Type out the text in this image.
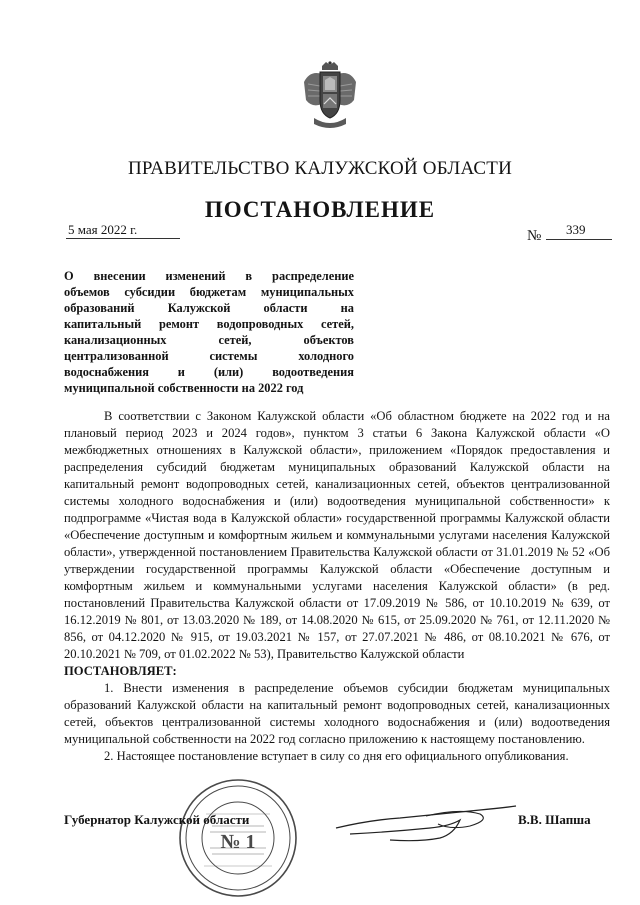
ПРАВИТЕЛЬСТВО КАЛУЖСКОЙ ОБЛАСТИ
ПОСТАНОВЛЕНИЕ
5 мая 2022 г.	№ 339
О внесении изменений в распределение
объемов субсидии бюджетам муниципальных
образований Калужской области на
капитальный ремонт водопроводных сетей,
канализационных сетей, объектов
централизованной системы холодного
водоснабжения и (или) водоотведения
муниципальной собственности на 2022 год

В соответствии с Законом Калужской области «Об областном бюджете на 2022 год и на плановый период 2023 и 2024 годов», пунктом 3 статьи 6 Закона Калужской области «О межбюджетных отношениях в Калужской области», приложением «Порядок предоставления и распределения субсидий бюджетам муниципальных образований Калужской области на капитальный ремонт водопроводных сетей, канализационных сетей, объектов централизованной системы холодного водоснабжения и (или) водоотведения муниципальной собственности» к подпрограмме «Чистая вода в Калужской области» государственной программы Калужской области «Обеспечение доступным и комфортным жильем и коммунальными услугами населения Калужской области», утвержденной постановлением Правительства Калужской области от 31.01.2019 № 52 «Об утверждении государственной программы Калужской области «Обеспечение доступным и комфортным жильем и коммунальными услугами населения Калужской области» (в ред. постановлений Правительства Калужской области от 17.09.2019 № 586, от 10.10.2019 № 639, от 16.12.2019 № 801, от 13.03.2020 № 189, от 14.08.2020 № 615, от 25.09.2020 № 761, от 12.11.2020 № 856, от 04.12.2020 № 915, от 19.03.2021 № 157, от 27.07.2021 № 486, от 08.10.2021 № 676, от 20.10.2021 № 709, от 01.02.2022 № 53), Правительство Калужской области

ПОСТАНОВЛЯЕТ:

1. Внести изменения в распределение объемов субсидии бюджетам муниципальных образований Калужской области на капитальный ремонт водопроводных сетей, канализационных сетей, объектов централизованной системы холодного водоснабжения и (или) водоотведения муниципальной собственности на 2022 год согласно приложению к настоящему постановлению.

2. Настоящее постановление вступает в силу со дня его официального опубликования.

№ 1
Губернатор Калужской области	В.В. Шапша
